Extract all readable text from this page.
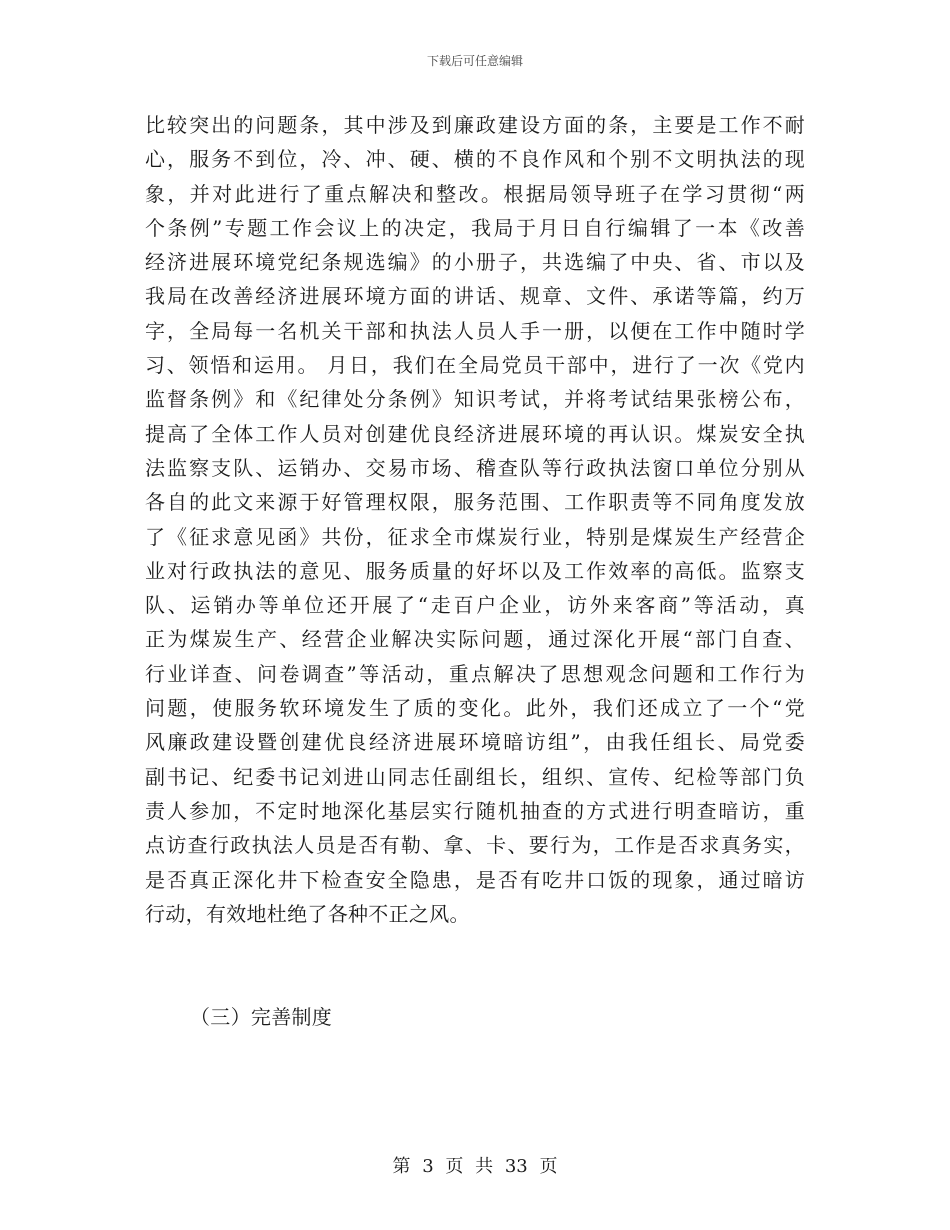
下载后可任意编辑
比较突出的问题条，其中涉及到廉政建设方面的条，主要是工作不耐
心，服务不到位，冷、冲、硬、横的不良作风和个别不文明执法的现
象，并对此进行了重点解决和整改。根据局领导班子在学习贯彻“两
个条例”专题工作会议上的决定，我局于月日自行编辑了一本《改善
经济进展环境党纪条规选编》的小册子，共选编了中央、省、市以及
我局在改善经济进展环境方面的讲话、规章、文件、承诺等篇，约万
字，全局每一名机关干部和执法人员人手一册，以便在工作中随时学
习、领悟和运用。 月日，我们在全局党员干部中，进行了一次《党内
监督条例》和《纪律处分条例》知识考试，并将考试结果张榜公布，
提高了全体工作人员对创建优良经济进展环境的再认识。煤炭安全执
法监察支队、运销办、交易市场、稽查队等行政执法窗口单位分别从
各自的此文来源于好管理权限，服务范围、工作职责等不同角度发放
了《征求意见函》共份，征求全市煤炭行业，特别是煤炭生产经营企
业对行政执法的意见、服务质量的好坏以及工作效率的高低。监察支
队、运销办等单位还开展了“走百户企业，访外来客商”等活动，真
正为煤炭生产、经营企业解决实际问题，通过深化开展“部门自查、
行业详查、问卷调查”等活动，重点解决了思想观念问题和工作行为
问题，使服务软环境发生了质的变化。此外，我们还成立了一个“党
风廉政建设暨创建优良经济进展环境暗访组”，由我任组长、局党委
副书记、纪委书记刘进山同志任副组长，组织、宣传、纪检等部门负
责人参加，不定时地深化基层实行随机抽查的方式进行明查暗访，重
点访查行政执法人员是否有勒、拿、卡、要行为，工作是否求真务实，
是否真正深化井下检查安全隐患，是否有吃井口饭的现象，通过暗访
行动，有效地杜绝了各种不正之风。
（三）完善制度
第 3 页 共 33 页
